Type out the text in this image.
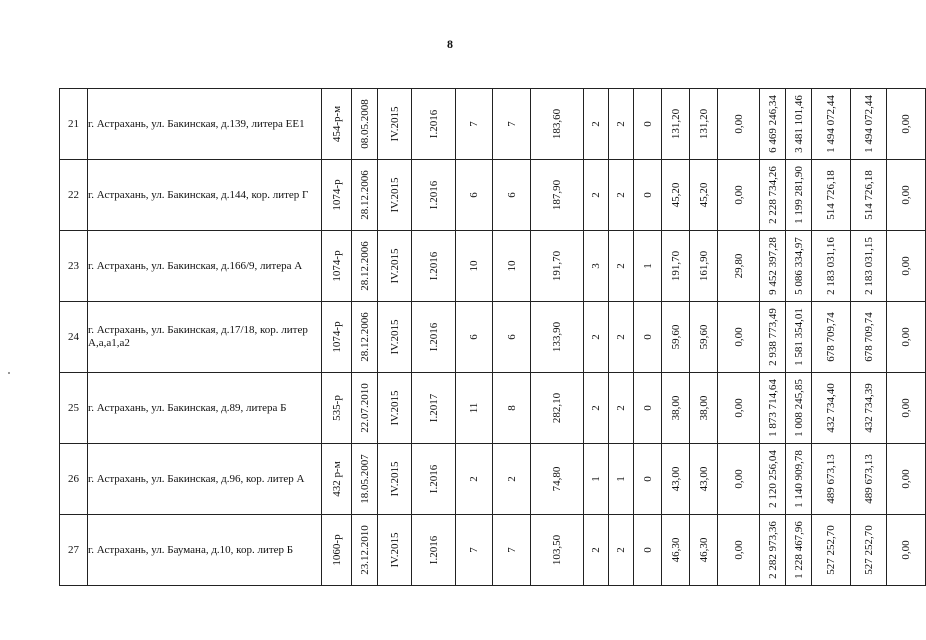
8
21	г. Астрахань, ул. Бакинская, д.139, литера ЕЕ1	454-р-м	08.05.2008	IV.2015	I.2016	7	7	183,60	2	2	0	131,20	131,20	0,00	6 469 246,34	3 481 101,46	1 494 072,44	1 494 072,44	0,00

22	г. Астрахань, ул. Бакинская, д.144, кор. литер Г	1074-р	28.12.2006	IV.2015	I.2016	6	6	187,90	2	2	0	45,20	45,20	0,00	2 228 734,26	1 199 281,90	514 726,18	514 726,18	0,00

23	г. Астрахань, ул. Бакинская, д.166/9, литера А	1074-р	28.12.2006	IV.2015	I.2016	10	10	191,70	3	2	1	191,70	161,90	29,80	9 452 397,28	5 086 334,97	2 183 031,16	2 183 031,15	0,00

24	г. Астрахань, ул. Бакинская, д.17/18, кор. литер А,а,а1,а2	1074-р	28.12.2006	IV.2015	I.2016	6	6	133,90	2	2	0	59,60	59,60	0,00	2 938 773,49	1 581 354,01	678 709,74	678 709,74	0,00

25	г. Астрахань, ул. Бакинская, д.89, литера Б	535-р	22.07.2010	IV.2015	I.2017	11	8	282,10	2	2	0	38,00	38,00	0,00	1 873 714,64	1 008 245,85	432 734,40	432 734,39	0,00

26	г. Астрахань, ул. Бакинская, д.96, кор. литер А	432 р-м	18.05.2007	IV.2015	I.2016	2	2	74,80	1	1	0	43,00	43,00	0,00	2 120 256,04	1 140 909,78	489 673,13	489 673,13	0,00

27	г. Астрахань, ул. Баумана, д.10, кор. литер Б	1060-р	23.12.2010	IV.2015	I.2016	7	7	103,50	2	2	0	46,30	46,30	0,00	2 282 973,36	1 228 467,96	527 252,70	527 252,70	0,00
